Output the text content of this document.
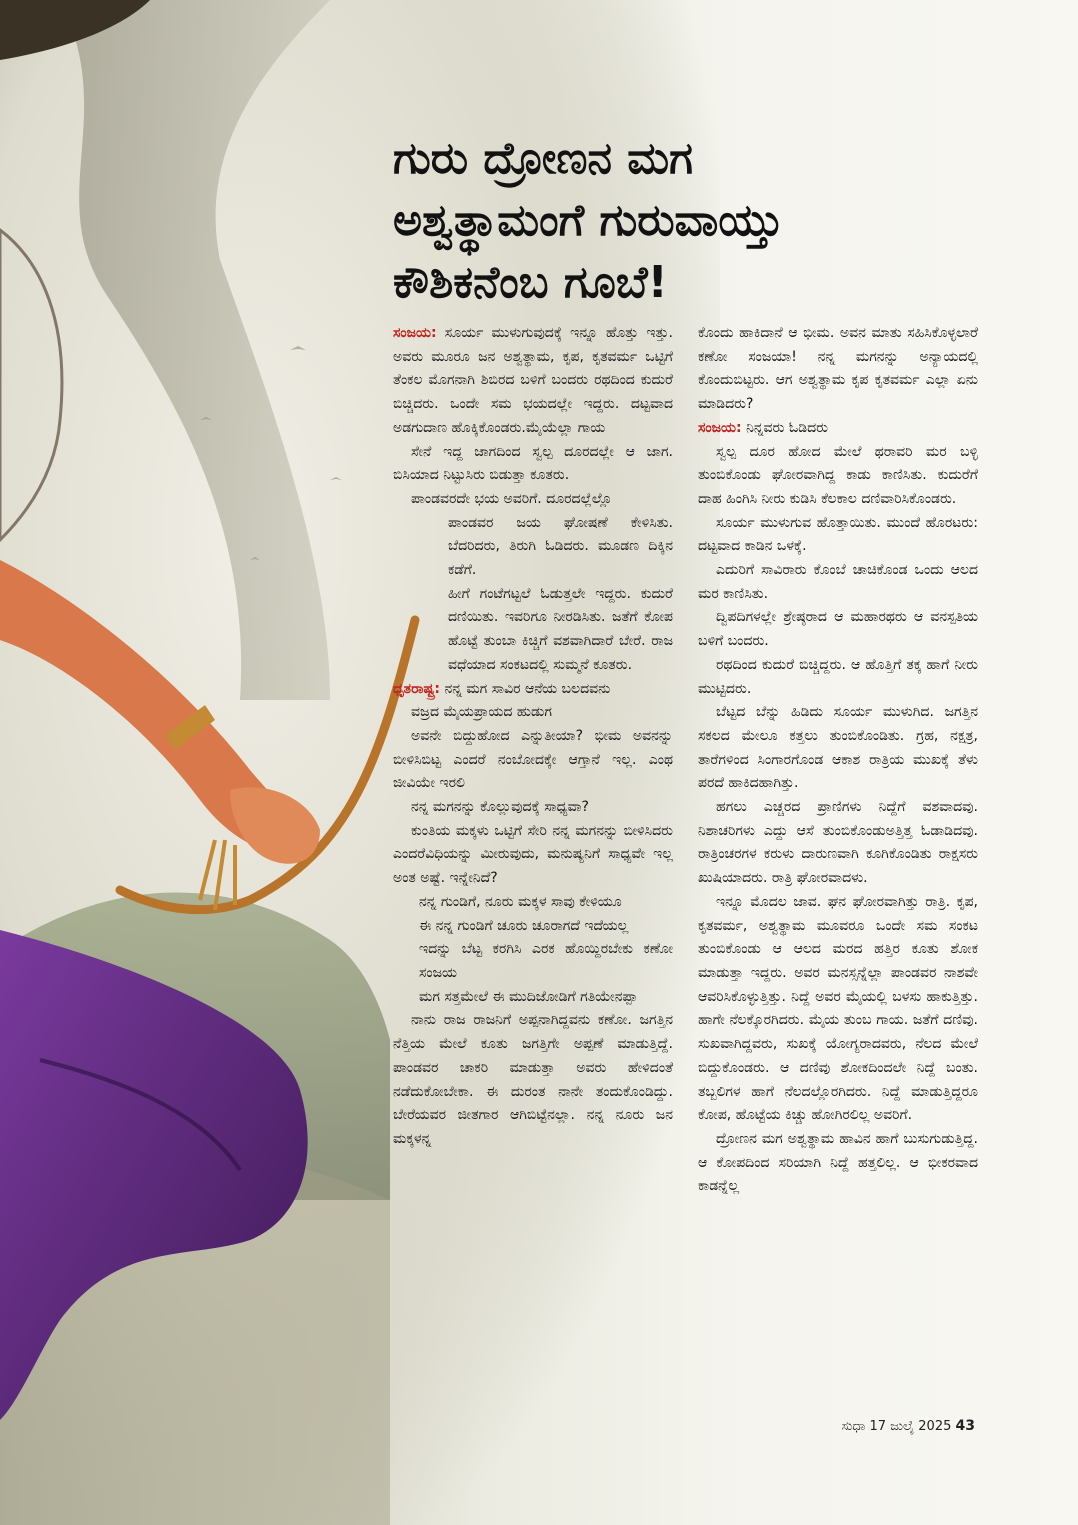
ಗುರು ದ್ರೋಣನ ಮಗ
ಅಶ್ವತ್ಥಾಮಂಗೆ ಗುರುವಾಯ್ತು
ಕೌಶಿಕನೆಂಬ ಗೂಬೆ!

ಸಂಜಯ: ಸೂರ್ಯ ಮುಳುಗುವುದಕ್ಕೆ ಇನ್ನೂ ಹೊತ್ತು ಇತ್ತು. ಅವರು ಮೂರೂ ಜನ ಅಶ್ವತ್ಥಾಮ, ಕೃಪ, ಕೃತವರ್ಮ ಒಟ್ಟಿಗೆ ತೆಂಕಲ ಮೊಗನಾಗಿ ಶಿಬಿರದ ಬಳಿಗೆ ಬಂದರು ರಥದಿಂದ ಕುದುರೆ ಬಿಚ್ಚಿದರು. ಒಂದೇ ಸಮ ಭಯದಲ್ಲೇ ಇದ್ದರು. ದಟ್ಟವಾದ ಅಡಗುದಾಣ ಹೊಕ್ಕಿಕೊಂಡರು.ಮೈಯೆಲ್ಲಾ ಗಾಯ

ಸೇನೆ ಇದ್ದ ಜಾಗದಿಂದ ಸ್ವಲ್ಪ ದೂರದಲ್ಲೇ ಆ ಜಾಗ. ಬಿಸಿಯಾದ ನಿಟ್ಟುಸಿರು ಬಿಡುತ್ತಾ ಕೂತರು.

ಪಾಂಡವರದೇ ಭಯ ಅವರಿಗೆ. ದೂರದಲ್ಲೆಲ್ಲೊ

ಪಾಂಡವರ ಜಯ ಘೋಷಣೆ ಕೇಳಿಸಿತು. ಬೆದರಿದರು, ತಿರುಗಿ ಓಡಿದರು. ಮೂಡಣ ದಿಕ್ಕಿನ ಕಡೆಗೆ.

ಹೀಗೆ ಗಂಟೆಗಟ್ಟಲೆ ಓಡುತ್ತಲೇ ಇದ್ದರು. ಕುದುರೆ ದಣಿಯಿತು. ಇವರಿಗೂ ನೀರಡಿಸಿತು. ಜತೆಗೆ ಕೋಪ ಹೊಟ್ಟೆ ತುಂಬಾ ಕಿಚ್ಚಿಗೆ ವಶವಾಗಿದಾರೆ ಬೇರೆ. ರಾಜ ವಧೆಯಾದ ಸಂಕಟದಲ್ಲಿ ಸುಮ್ಮನೆ ಕೂತರು.

ಧೃತರಾಷ್ಟ್ರ: ನನ್ನ ಮಗ ಸಾವಿರ ಆನೆಯ ಬಲದವನು

ವಜ್ರದ ಮೈಯಪ್ರಾಯದ ಹುಡುಗ

ಅವನೇ ಬಿದ್ದುಹೋದ ಎನ್ನುತೀಯಾ? ಭೀಮ ಅವನನ್ನು ಬೀಳಿಸಿಬಿಟ್ಟ ಎಂದರೆ ನಂಬೋದಕ್ಕೇ ಆಗ್ತಾನೆ ಇಲ್ಲ. ಎಂಥ ಜೀವಿಯೇ ಇರಲಿ

ನನ್ನ ಮಗನನ್ನು ಕೊಲ್ಲುವುದಕ್ಕೆ ಸಾಧ್ಯವಾ?

ಕುಂತಿಯ ಮಕ್ಕಳು ಒಟ್ಟಿಗೆ ಸೇರಿ ನನ್ನ ಮಗನನ್ನು ಬೀಳಿಸಿದರು ಎಂದರೆವಿಧಿಯನ್ನು ಮೀರುವುದು, ಮನುಷ್ಯನಿಗೆ ಸಾಧ್ಯವೇ ಇಲ್ಲ ಅಂತ ಅಷ್ಟೆ. ಇನ್ನೇನಿದೆ?

ನನ್ನ ಗುಂಡಿಗೆ, ನೂರು ಮಕ್ಕಳ ಸಾವು ಕೇಳಿಯೂ

ಈ ನನ್ನ ಗುಂಡಿಗೆ ಚೂರು ಚೂರಾಗದೆ ಇದೆಯಲ್ಲ

ಇದನ್ನು ಬೆಟ್ಟ ಕರಗಿಸಿ ಎರಕ ಹೊಯ್ದಿರಬೇಕು ಕಣೋ ಸಂಜಯ

ಮಗ ಸತ್ತಮೇಲೆ ಈ ಮುದಿಜೋಡಿಗೆ ಗತಿಯೇನಪ್ಪಾ

ನಾನು ರಾಜ ರಾಜನಿಗೆ ಅಪ್ಪನಾಗಿದ್ದವನು ಕಣೋ. ಜಗತ್ತಿನ ನೆತ್ತಿಯ ಮೇಲೆ ಕೂತು ಜಗತ್ತಿಗೇ ಅಪ್ಪಣೆ ಮಾಡುತ್ತಿದ್ದೆ. ಪಾಂಡವರ ಚಾಕರಿ ಮಾಡುತ್ತಾ ಅವರು ಹೇಳಿದಂತೆ ನಡೆದುಕೋಬೇಕಾ. ಈ ದುರಂತ ನಾನೇ ತಂದುಕೊಂಡಿದ್ದು. ಬೇರೆಯವರ ಜೀತಗಾರ ಆಗಿಬಿಟ್ಟೆನಲ್ಲಾ. ನನ್ನ ನೂರು ಜನ ಮಕ್ಕಳನ್ನ

ಕೊಂದು ಹಾಕಿದಾನೆ ಆ ಭೀಮ. ಅವನ ಮಾತು ಸಹಿಸಿಕೊಳ್ಳಲಾರೆ ಕಣೋ ಸಂಜಯಾ! ನನ್ನ ಮಗನನ್ನು ಅನ್ಯಾಯದಲ್ಲಿ ಕೊಂದುಬಿಟ್ಟರು. ಆಗ ಅಶ್ವತ್ಥಾಮ ಕೃಪ ಕೃತವರ್ಮ ಎಲ್ಲಾ ಏನು ಮಾಡಿದರು?

ಸಂಜಯ: ನಿನ್ನವರು ಓಡಿದರು

ಸ್ವಲ್ಪ ದೂರ ಹೋದ ಮೇಲೆ ಥರಾವರಿ ಮರ ಬಳ್ಳಿ ತುಂಬಿಕೊಂಡು ಘೋರವಾಗಿದ್ದ ಕಾಡು ಕಾಣಿಸಿತು. ಕುದುರೆಗೆ ದಾಹ ಹಿಂಗಿಸಿ ನೀರು ಕುಡಿಸಿ ಕೆಲಕಾಲ ದಣಿವಾರಿಸಿಕೊಂಡರು.

ಸೂರ್ಯ ಮುಳುಗುವ ಹೊತ್ತಾಯಿತು. ಮುಂದೆ ಹೊರಟರು: ದಟ್ಟವಾದ ಕಾಡಿನ ಒಳಕ್ಕೆ.

ಎದುರಿಗೆ ಸಾವಿರಾರು ಕೊಂಬೆ ಚಾಚಿಕೊಂಡ ಒಂದು ಆಲದ ಮರ ಕಾಣಿಸಿತು.

ದ್ವಿಪದಿಗಳಲ್ಲೇ ಶ್ರೇಷ್ಠರಾದ ಆ ಮಹಾರಥರು ಆ ವನಸ್ಪತಿಯ ಬಳಿಗೆ ಬಂದರು.

ರಥದಿಂದ ಕುದುರೆ ಬಿಚ್ಚಿದ್ದರು. ಆ ಹೊತ್ತಿಗೆ ತಕ್ಕ ಹಾಗೆ ನೀರು ಮುಟ್ಟಿದರು.

ಬೆಟ್ಟದ ಬೆನ್ನು ಹಿಡಿದು ಸೂರ್ಯ ಮುಳುಗಿದ. ಜಗತ್ತಿನ ಸಕಲದ ಮೇಲೂ ಕತ್ತಲು ತುಂಬಿಕೊಂಡಿತು. ಗ್ರಹ, ನಕ್ಷತ್ರ, ತಾರೆಗಳಿಂದ ಸಿಂಗಾರಗೊಂಡ ಆಕಾಶ ರಾತ್ರಿಯ ಮುಖಕ್ಕೆ ತೆಳು ಪರದೆ ಹಾಕಿದಹಾಗಿತ್ತು.

ಹಗಲು ಎಚ್ಚರದ ಪ್ರಾಣಿಗಳು ನಿದ್ದೆಗೆ ವಶವಾದವು. ನಿಶಾಚರಿಗಳು ಎದ್ದು ಆಸೆ ತುಂಬಿಕೊಂಡುಅತ್ತಿತ್ತ ಓಡಾಡಿದವು. ರಾತ್ರಿಂಚರಗಳ ಕರುಳು ದಾರುಣವಾಗಿ ಕೂಗಿಕೊಂಡಿತು ರಾಕ್ಷಸರು ಖುಷಿಯಾದರು. ರಾತ್ರಿ ಘೋರವಾದಳು.

ಇನ್ನೂ ಮೊದಲ ಜಾವ. ಘನ ಘೋರವಾಗಿತ್ತು ರಾತ್ರಿ. ಕೃಪ, ಕೃತವರ್ಮ, ಅಶ್ವತ್ಥಾಮ ಮೂವರೂ ಒಂದೇ ಸಮ ಸಂಕಟ ತುಂಬಿಕೊಂಡು ಆ ಆಲದ ಮರದ ಹತ್ತಿರ ಕೂತು ಶೋಕ ಮಾಡುತ್ತಾ ಇದ್ದರು. ಅವರ ಮನಸ್ಸನ್ನೆಲ್ಲಾ ಪಾಂಡವರ ನಾಶವೇ ಆವರಿಸಿಕೊಳ್ಳುತ್ತಿತ್ತು. ನಿದ್ದೆ ಅವರ ಮೈಯಲ್ಲಿ ಬಳಸು ಹಾಕುತ್ತಿತ್ತು. ಹಾಗೇ ನೆಲಕ್ಕೊರಗಿದರು. ಮೈಯ ತುಂಬ ಗಾಯ. ಜತೆಗೆ ದಣಿವು. ಸುಖವಾಗಿದ್ದವರು, ಸುಖಕ್ಕೆ ಯೋಗ್ಯರಾದವರು, ನೆಲದ ಮೇಲೆ ಬಿದ್ದುಕೊಂಡರು. ಆ ದಣಿವು ಶೋಕದಿಂದಲೇ ನಿದ್ದೆ ಬಂತು. ತಬ್ಬಲಿಗಳ ಹಾಗೆ ನೆಲದಲ್ಲೊರಗಿದರು. ನಿದ್ದೆ ಮಾಡುತ್ತಿದ್ದರೂ ಕೋಪ, ಹೊಟ್ಟೆಯ ಕಿಚ್ಚು ಹೋಗಿರಲಿಲ್ಲ ಅವರಿಗೆ.

ದ್ರೋಣನ ಮಗ ಅಶ್ವತ್ಥಾಮ ಹಾವಿನ ಹಾಗೆ ಬುಸುಗುಡುತ್ತಿದ್ದ. ಆ ಕೋಪದಿಂದ ಸರಿಯಾಗಿ ನಿದ್ದೆ ಹತ್ತಲಿಲ್ಲ. ಆ ಭೀಕರವಾದ ಕಾಡನ್ನೆಲ್ಲ

ಸುಧಾ 17 ಜುಲೈ 2025 43
